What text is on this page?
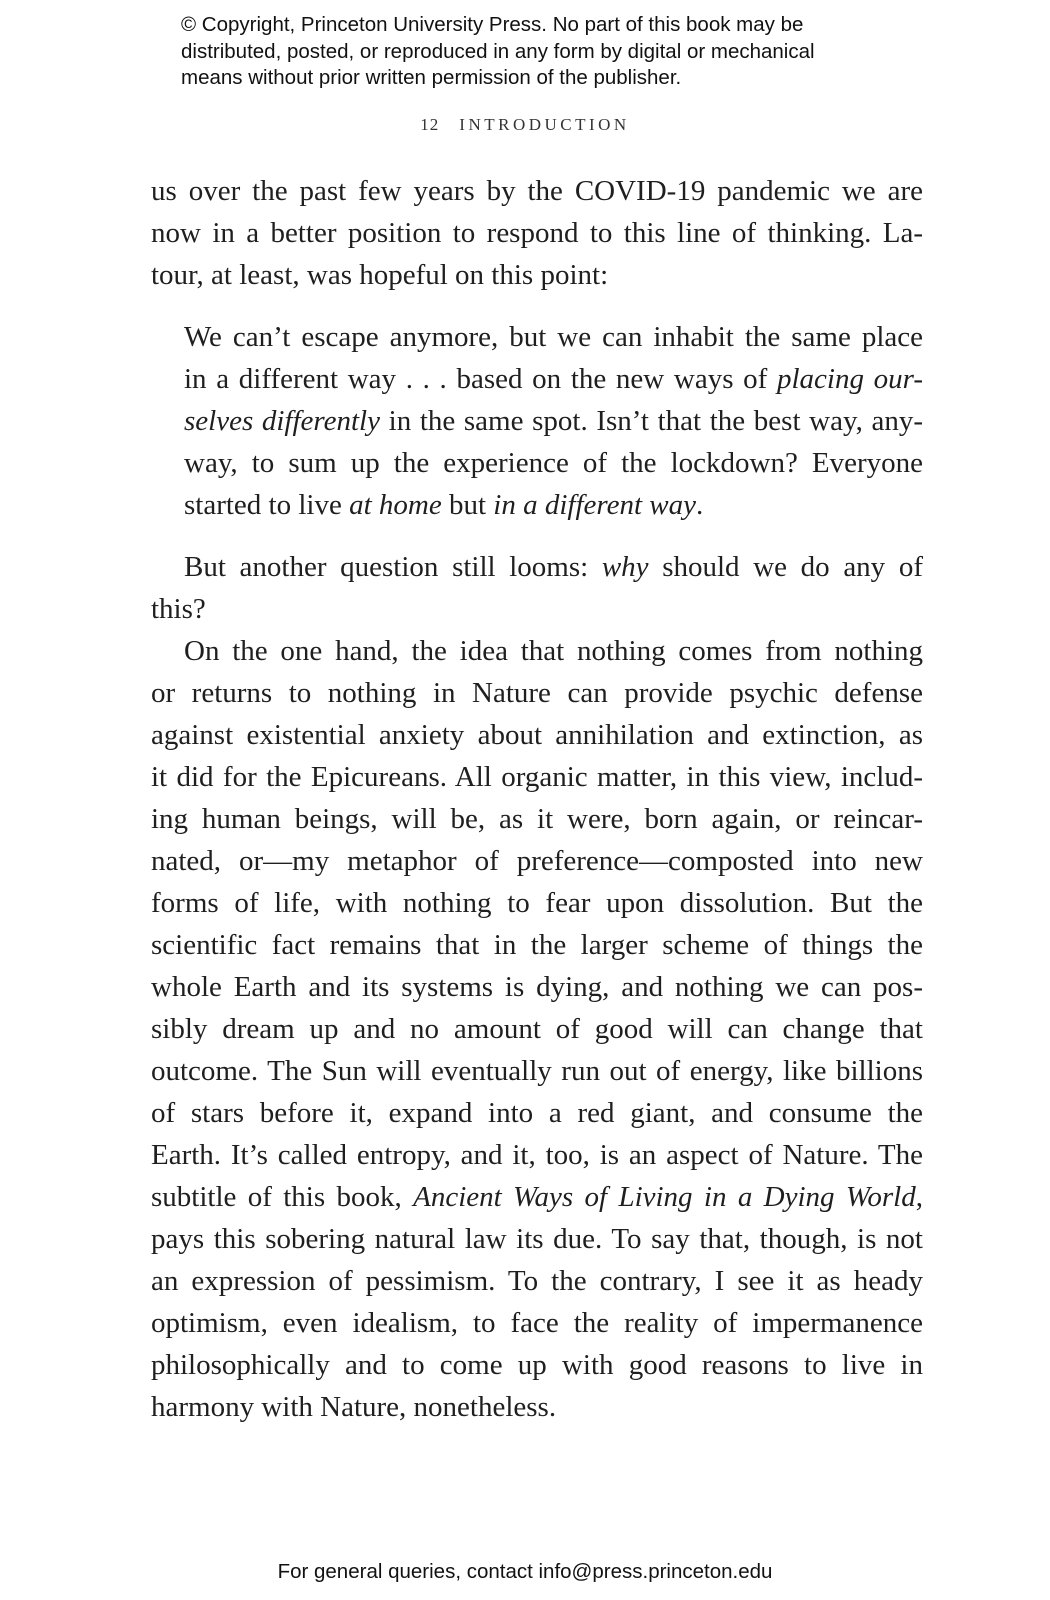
© Copyright, Princeton University Press. No part of this book may be
distributed, posted, or reproduced in any form by digital or mechanical
means without prior written permission of the publisher.
12 INTRODUCTION
us over the past few years by the COVID-19 pandemic we are
now in a better position to respond to this line of thinking. La-
tour, at least, was hopeful on this point:
We can’t escape anymore, but we can inhabit the same place
in a different way . . . based on the new ways of placing our-
selves differently in the same spot. Isn’t that the best way, any-
way, to sum up the experience of the lockdown? Everyone
started to live at home but in a different way.
But another question still looms: why should we do any of
this?
On the one hand, the idea that nothing comes from nothing
or returns to nothing in Nature can provide psychic defense
against existential anxiety about annihilation and extinction, as
it did for the Epicureans. All organic matter, in this view, includ-
ing human beings, will be, as it were, born again, or reincar-
nated, or—my metaphor of preference—composted into new
forms of life, with nothing to fear upon dissolution. But the
scientific fact remains that in the larger scheme of things the
whole Earth and its systems is dying, and nothing we can pos-
sibly dream up and no amount of good will can change that
outcome. The Sun will eventually run out of energy, like billions
of stars before it, expand into a red giant, and consume the
Earth. It’s called entropy, and it, too, is an aspect of Nature. The
subtitle of this book, Ancient Ways of Living in a Dying World,
pays this sobering natural law its due. To say that, though, is not
an expression of pessimism. To the contrary, I see it as heady
optimism, even idealism, to face the reality of impermanence
philosophically and to come up with good reasons to live in
harmony with Nature, nonetheless.
For general queries, contact info@press.princeton.edu
